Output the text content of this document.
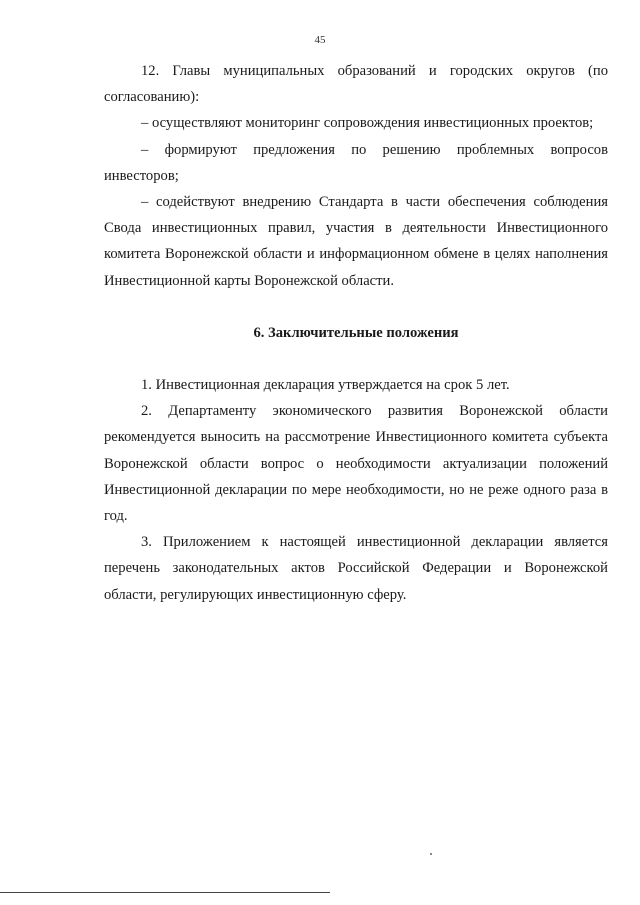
45

12. Главы муниципальных образований и городских округов (по согласованию):

– осуществляют мониторинг сопровождения инвестиционных проектов;

– формируют предложения по решению проблемных вопросов инвесторов;

– содействуют внедрению Стандарта в части обеспечения соблюдения Свода инвестиционных правил, участия в деятельности Инвестиционного комитета Воронежской области и информационном обмене в целях наполнения Инвестиционной карты Воронежской области.

6. Заключительные положения

1. Инвестиционная декларация утверждается на срок 5 лет.

2. Департаменту экономического развития Воронежской области рекомендуется выносить на рассмотрение Инвестиционного комитета субъекта Воронежской области вопрос о необходимости актуализации положений Инвестиционной декларации по мере необходимости, но не реже одного раза в год.

3. Приложением к настоящей инвестиционной декларации является перечень законодательных актов Российской Федерации и Воронежской области, регулирующих инвестиционную сферу.
